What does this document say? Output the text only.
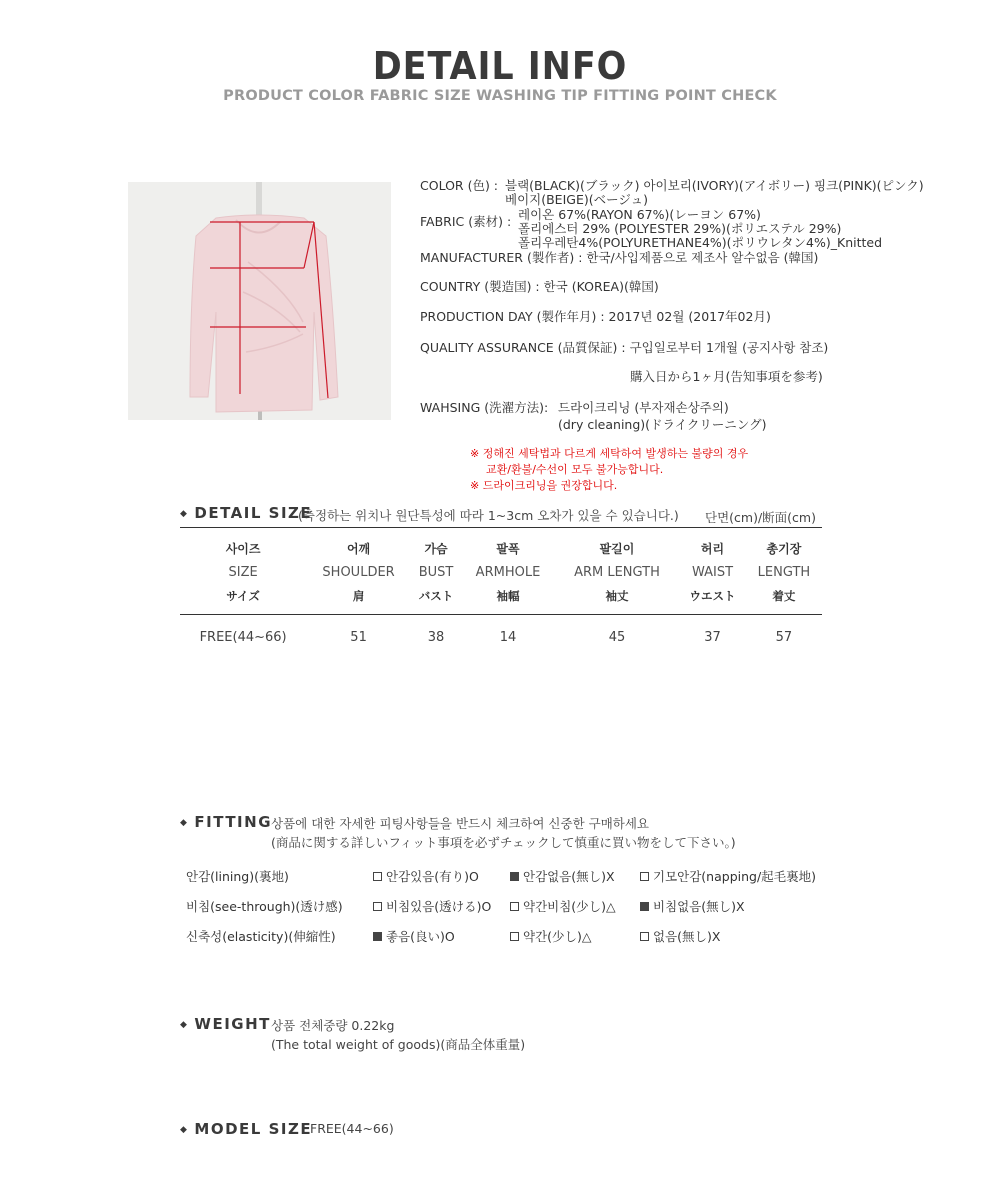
DETAIL INFO
PRODUCT COLOR FABRIC SIZE WASHING TIP FITTING POINT CHECK
COLOR (色) : 블랙(BLACK)(ブラック) 아이보리(IVORY)(アイボリー) 핑크(PINK)(ピンク)
베이지(BEIGE)(ベージュ)
FABRIC (素材) : 레이온 67%(RAYON 67%)(レーヨン 67%)
폴리에스터 29% (POLYESTER 29%)(ポリエステル 29%)
폴리우레탄4%(POLYURETHANE4%)(ポリウレタン4%)_Knitted
MANUFACTURER (製作者) : 한국/사입제품으로 제조사 알수없음 (韓国)
COUNTRY (製造国) : 한국 (KOREA)(韓国)
PRODUCTION DAY (製作年月) : 2017년 02월 (2017年02月)
QUALITY ASSURANCE (品質保証) : 구입일로부터 1개월 (공지사항 참조)
購入日から1ヶ月(告知事項を参考)
WAHSING (洗濯方法): 드라이크리닝 (부자재손상주의)
(dry cleaning)(ドライクリーニング)
※ 정해진 세탁법과 다르게 세탁하여 발생하는 불량의 경우
교환/환불/수선이 모두 불가능합니다.
※ 드라이크리닝을 권장합니다.
◆ DETAIL SIZE
(측정하는 위치나 원단특성에 따라 1~3cm 오차가 있을 수 있습니다.) 단면(cm)/断面(cm)
사이즈	어깨	가슴	팔폭	팔길이	허리	총기장
SIZE	SHOULDER	BUST	ARMHOLE	ARM LENGTH	WAIST	LENGTH
サイズ	肩	バスト	袖幅	袖丈	ウエスト	着丈
FREE(44~66)	51	38	14	45	37	57
◆ FITTING
상품에 대한 자세한 피팅사항들을 반드시 체크하여 신중한 구매하세요
(商品に関する詳しいフィット事項を必ずチェックして慎重に買い物をして下さい。)
안감(lining)(裏地)	안감있음(有り)O	안감없음(無し)X	기모안감(napping/起毛裏地)
비침(see-through)(透け感)	비침있음(透ける)O	약간비침(少し)△	비침없음(無し)X
신축성(elasticity)(伸縮性)	좋음(良い)O	약간(少し)△	없음(無し)X
◆ WEIGHT 상품 전체중량 0.22kg
(The total weight of goods)(商品全体重量)
◆ MODEL SIZE
FREE(44~66)
